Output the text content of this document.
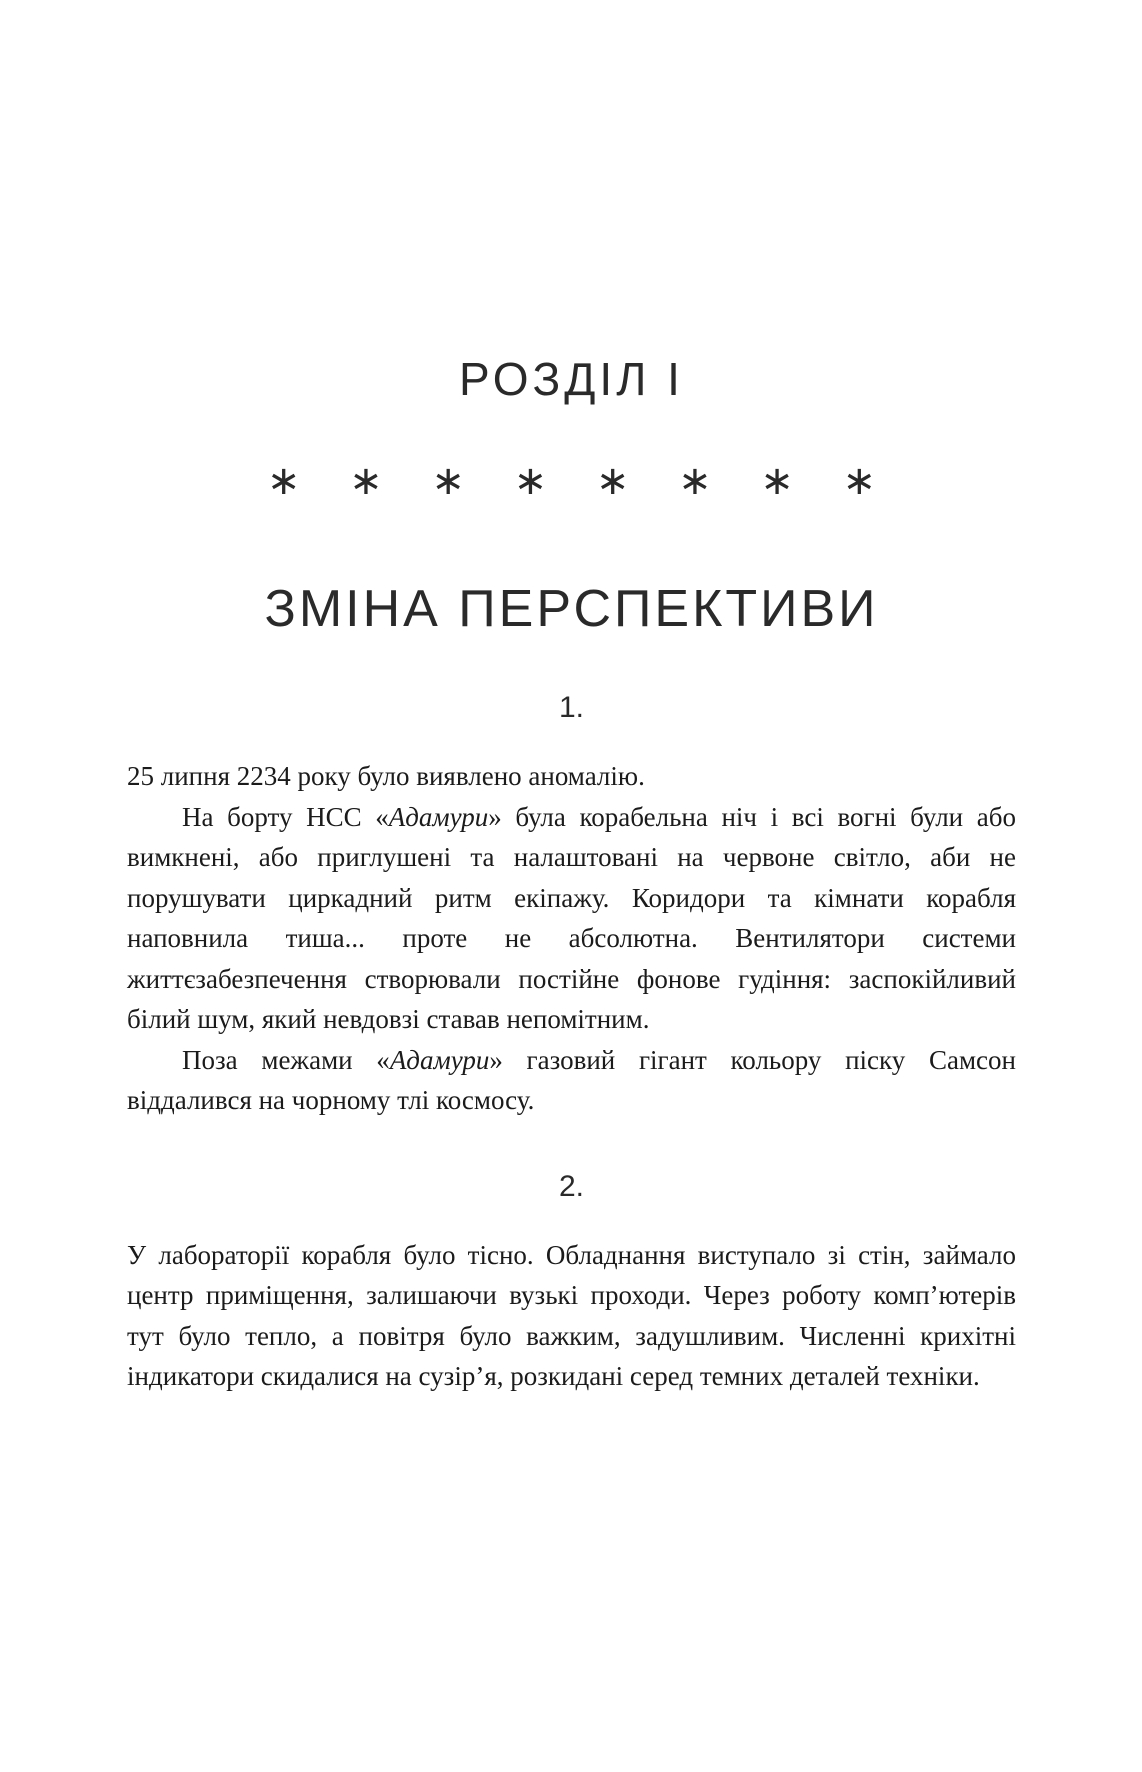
РОЗДІЛ І
∗ ∗ ∗ ∗ ∗ ∗ ∗ ∗
ЗМІНА ПЕРСПЕКТИВИ
1.

25 липня 2234 року було виявлено аномалію.

На борту НСС «Адамури» була корабельна ніч і всі вогні були або вимкнені, або приглушені та налаштовані на червоне світло, аби не порушувати циркадний ритм екіпажу. Коридори та кімнати корабля наповнила тиша... проте не абсолютна. Вентилятори системи життєзабезпечення створювали постійне фонове гудіння: заспокійливий білий шум, який невдовзі ставав непомітним.

Поза межами «Адамури» газовий гігант кольору піску Самсон віддалився на чорному тлі космосу.

2.

У лабораторії корабля було тісно. Обладнання виступало зі стін, займало центр приміщення, залишаючи вузькі проходи. Через роботу комп’ютерів тут було тепло, а повітря було важким, задушливим. Численні крихітні індикатори скидалися на сузір’я, розкидані серед темних деталей техніки.
